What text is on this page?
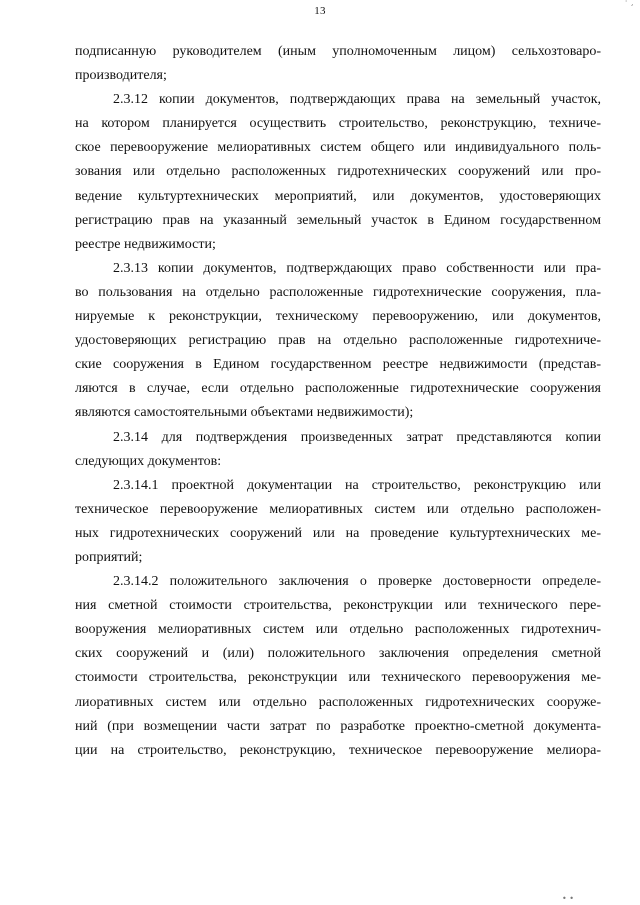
· ¸
13
подписанную руководителем (иным уполномоченным лицом) сельхозтоваро-
производителя;
2.3.12 копии документов, подтверждающих права на земельный участок,
на котором планируется осуществить строительство, реконструкцию, техниче-
ское перевооружение мелиоративных систем общего или индивидуального поль-
зования или отдельно расположенных гидротехнических сооружений или про-
ведение культуртехнических мероприятий, или документов, удостоверяющих
регистрацию прав на указанный земельный участок в Едином государственном
реестре недвижимости;
2.3.13 копии документов, подтверждающих право собственности или пра-
во пользования на отдельно расположенные гидротехнические сооружения, пла-
нируемые к реконструкции, техническому перевооружению, или документов,
удостоверяющих регистрацию прав на отдельно расположенные гидротехниче-
ские сооружения в Едином государственном реестре недвижимости (представ-
ляются в случае, если отдельно расположенные гидротехнические сооружения
являются самостоятельными объектами недвижимости);
2.3.14 для подтверждения произведенных затрат представляются копии
следующих документов:
2.3.14.1 проектной документации на строительство, реконструкцию или
техническое перевооружение мелиоративных систем или отдельно расположен-
ных гидротехнических сооружений или на проведение культуртехнических ме-
роприятий;
2.3.14.2 положительного заключения о проверке достоверности определе-
ния сметной стоимости строительства, реконструкции или технического пере-
вооружения мелиоративных систем или отдельно расположенных гидротехнич-
ских сооружений и (или) положительного заключения определения сметной
стоимости строительства, реконструкции или технического перевооружения ме-
лиоративных систем или отдельно расположенных гидротехнических сооруже-
ний (при возмещении части затрат по разработке проектно-сметной документа-
ции на строительство, реконструкцию, техническое перевооружение мелиора-
• •
